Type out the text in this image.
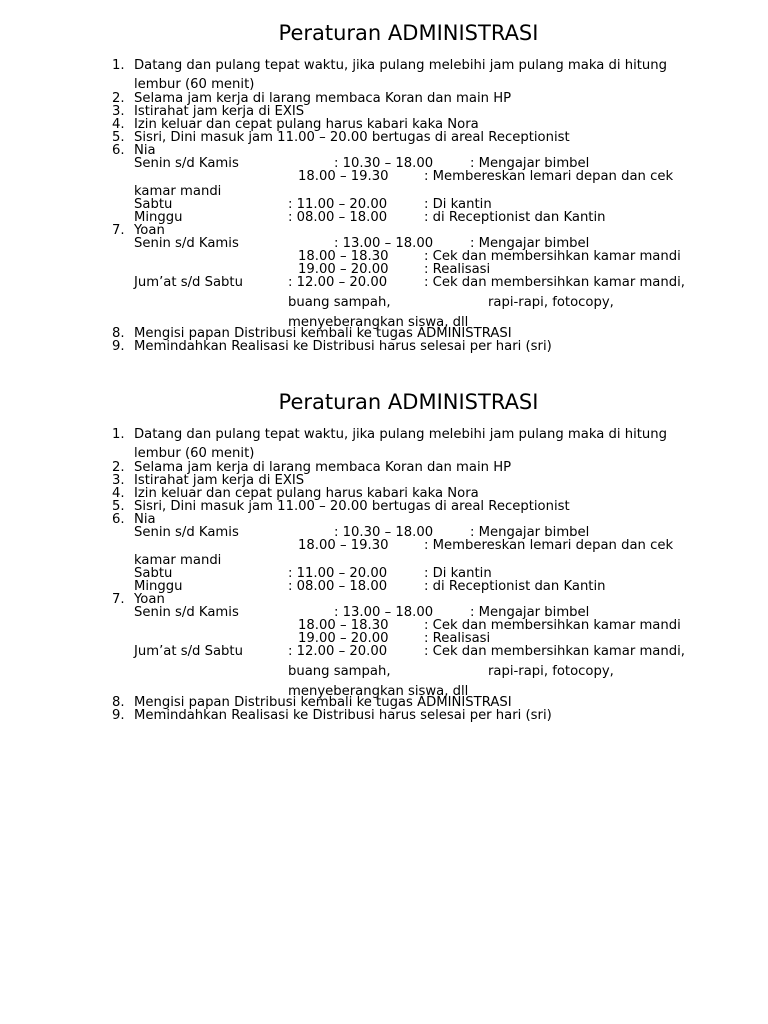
Peraturan ADMINISTRASI
1. Datang dan pulang tepat waktu, jika pulang melebihi jam pulang maka di hitung
lembur (60 menit)
2. Selama jam kerja di larang membaca Koran dan main HP
3. Istirahat jam kerja di EXIS
4. Izin keluar dan cepat pulang harus kabari kaka Nora
5. Sisri, Dini masuk jam 11.00 – 20.00 bertugas di areal Receptionist
6. Nia
Senin s/d Kamis	: 10.30 – 18.00	: Mengajar bimbel
18.00 – 19.30	: Membereskan lemari depan dan cek
kamar mandi
Sabtu	: 11.00 – 20.00	: Di kantin
Minggu	: 08.00 – 18.00	: di Receptionist dan Kantin
7. Yoan
Senin s/d Kamis	: 13.00 – 18.00	: Mengajar bimbel
18.00 – 18.30	: Cek dan membersihkan kamar mandi
19.00 – 20.00	: Realisasi
Jum’at s/d Sabtu	: 12.00 – 20.00	: Cek dan membersihkan kamar mandi,
buang sampah,	rapi-rapi, fotocopy,
menyeberangkan siswa, dll
8. Mengisi papan Distribusi kembali ke tugas ADMINISTRASI
9. Memindahkan Realisasi ke Distribusi harus selesai per hari (sri)
Peraturan ADMINISTRASI
1. Datang dan pulang tepat waktu, jika pulang melebihi jam pulang maka di hitung
lembur (60 menit)
2. Selama jam kerja di larang membaca Koran dan main HP
3. Istirahat jam kerja di EXIS
4. Izin keluar dan cepat pulang harus kabari kaka Nora
5. Sisri, Dini masuk jam 11.00 – 20.00 bertugas di areal Receptionist
6. Nia
Senin s/d Kamis	: 10.30 – 18.00	: Mengajar bimbel
18.00 – 19.30	: Membereskan lemari depan dan cek
kamar mandi
Sabtu	: 11.00 – 20.00	: Di kantin
Minggu	: 08.00 – 18.00	: di Receptionist dan Kantin
7. Yoan
Senin s/d Kamis	: 13.00 – 18.00	: Mengajar bimbel
18.00 – 18.30	: Cek dan membersihkan kamar mandi
19.00 – 20.00	: Realisasi
Jum’at s/d Sabtu	: 12.00 – 20.00	: Cek dan membersihkan kamar mandi,
buang sampah,	rapi-rapi, fotocopy,
menyeberangkan siswa, dll
8. Mengisi papan Distribusi kembali ke tugas ADMINISTRASI
9. Memindahkan Realisasi ke Distribusi harus selesai per hari (sri)
